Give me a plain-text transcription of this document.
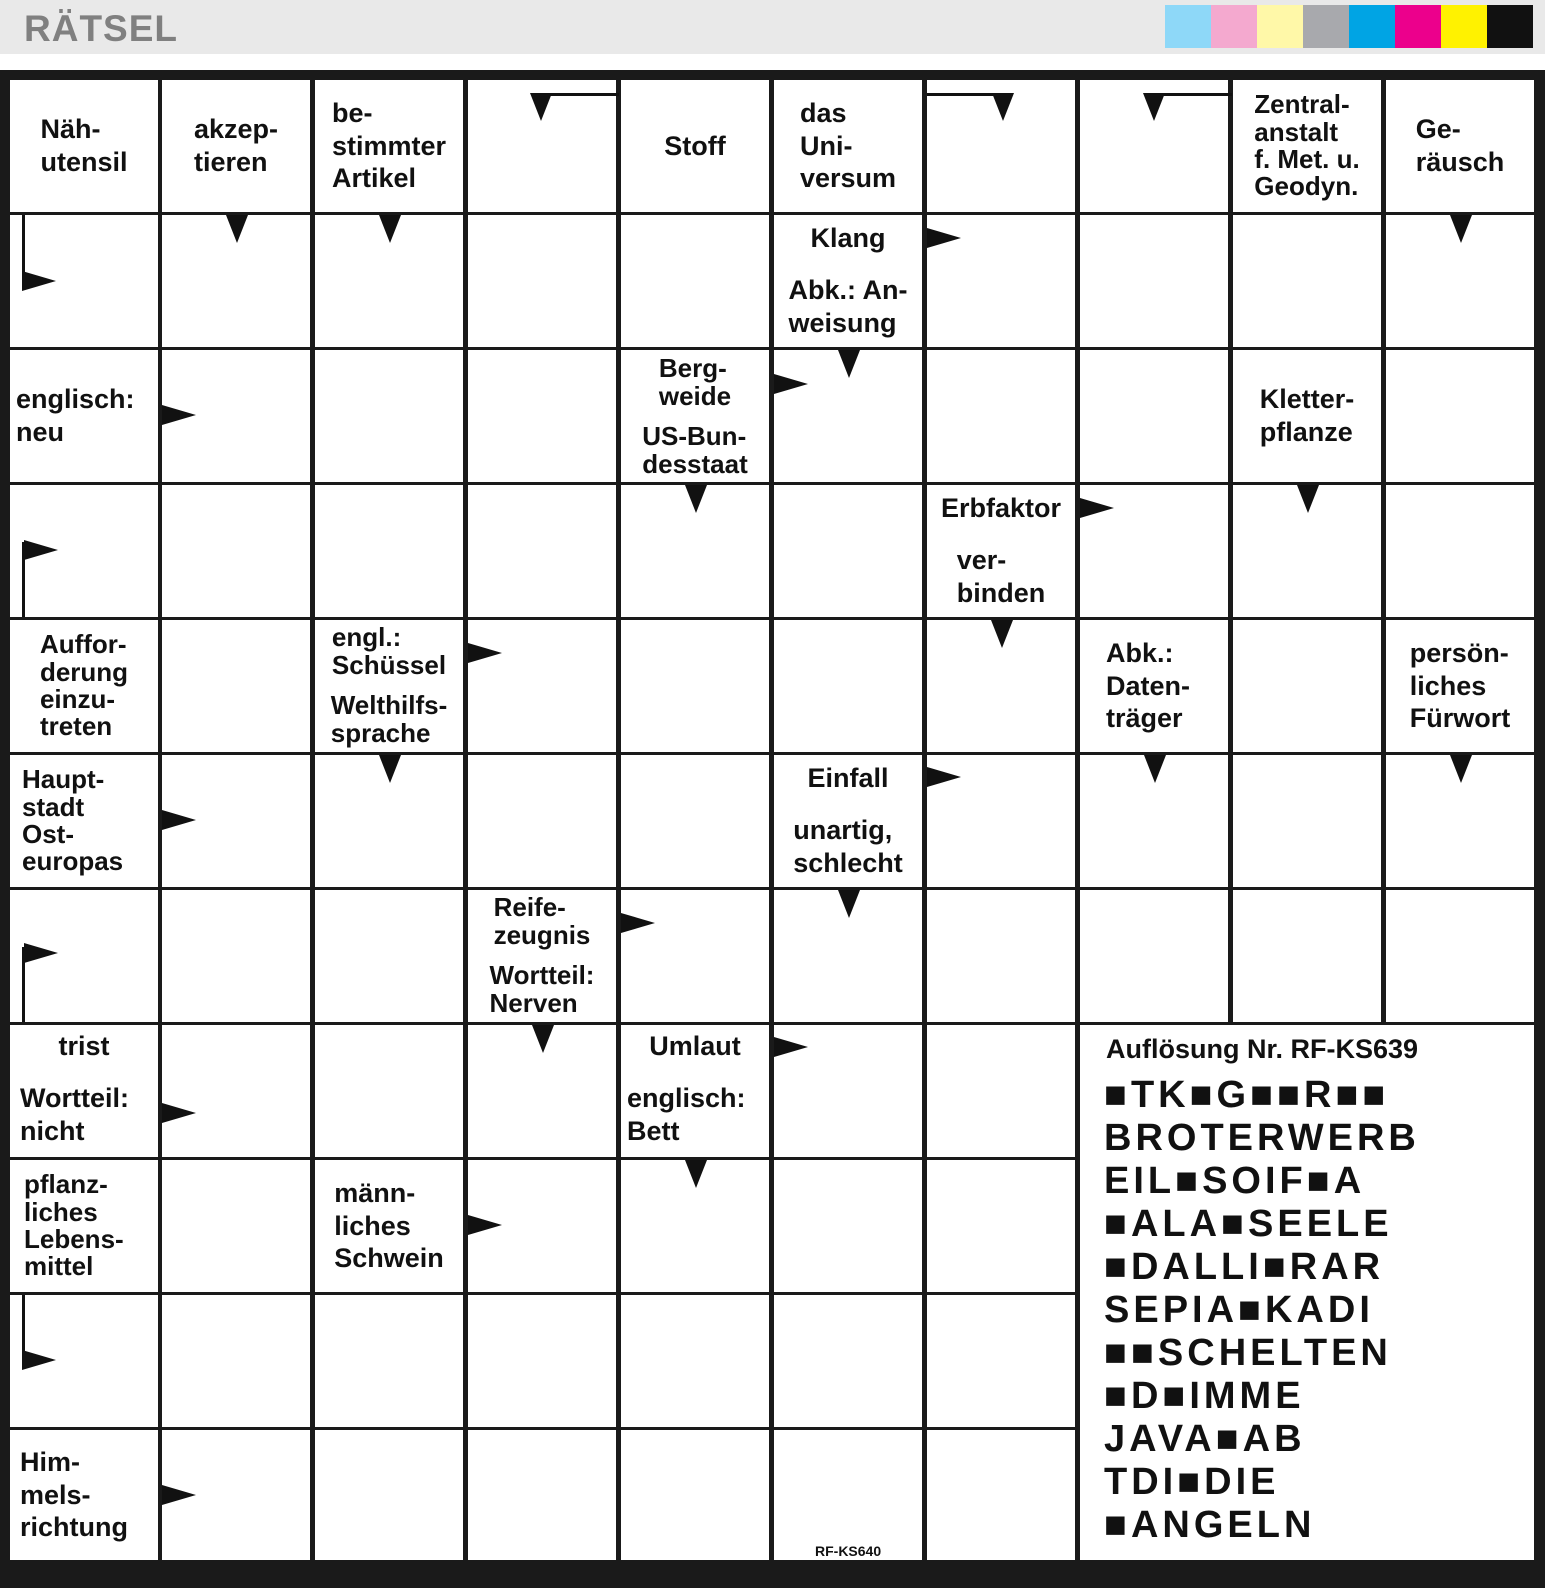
RÄTSEL
Näh-
utensil
akzep-
tieren
be-
stimmter
Artikel
Stoff
das
Uni-
versum
Zentral-
anstalt
f. Met. u.
Geodyn.
Ge-
räusch
Klang
Abk.: An-
weisung
englisch:
neu
Berg-
weide
US-Bun-
desstaat
Kletter-
pflanze
Erbfaktor
ver-
binden
Auffor-
derung
einzu-
treten
engl.:
Schüssel
Welthilfs-
sprache
Abk.:
Daten-
träger
persön-
liches
Fürwort
Haupt-
stadt
Ost-
europas
Einfall
unartig,
schlecht
Reife-
zeugnis
Wortteil:
Nerven
trist
Wortteil:
nicht
Umlaut
englisch:
Bett
pflanz-
liches
Lebens-
mittel
männ-
liches
Schwein
Him-
mels-
richtung
Auflösung Nr. RF-KS639
■TK■G■■R■■
BROTERWERB
EIL■SOIF■A
■ALA■SEELE
■DALLI■RAR
SEPIA■KADI
■■SCHELTEN
■D■IMME
JAVA■AB
TDI■DIE
■ANGELN
RF-KS640
